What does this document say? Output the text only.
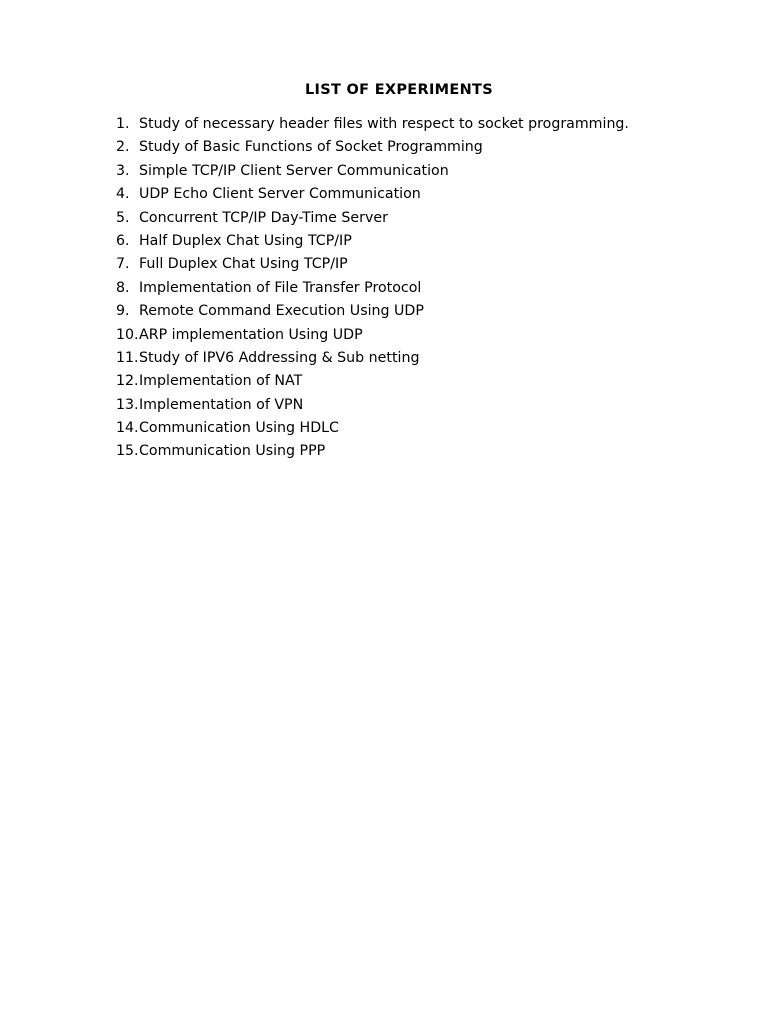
LIST OF EXPERIMENTS
1. Study of necessary header files with respect to socket programming.
2. Study of Basic Functions of Socket Programming
3. Simple TCP/IP Client Server Communication
4. UDP Echo Client Server Communication
5. Concurrent TCP/IP Day-Time Server
6. Half Duplex Chat Using TCP/IP
7. Full Duplex Chat Using TCP/IP
8. Implementation of File Transfer Protocol
9. Remote Command Execution Using UDP
10.ARP implementation Using UDP
11.Study of IPV6 Addressing & Sub netting
12.Implementation of NAT
13.Implementation of VPN
14.Communication Using HDLC
15.Communication Using PPP
